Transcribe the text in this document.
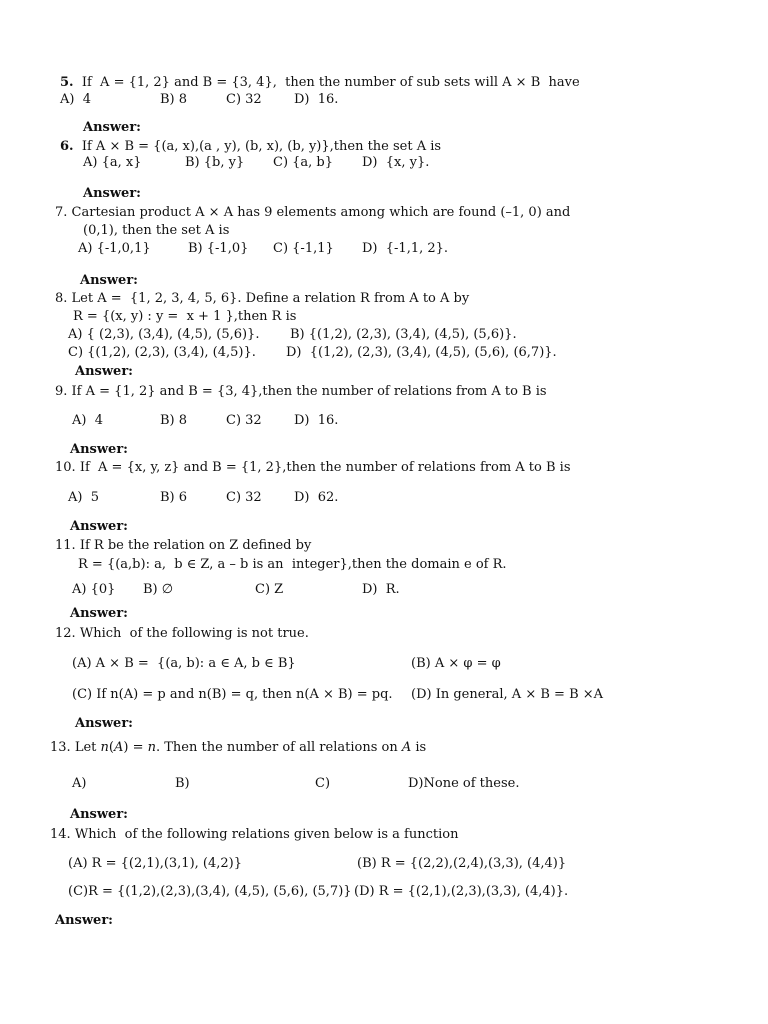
5. If  A = {1, 2} and B = {3, 4},  then the number of sub sets will A × B  have
A)  4	B) 8	C) 32 D)  16.
Answer:
6. If A × B = {(a, x),(a , y), (b, x), (b, y)},then the set A is
A) {a, x}	B) {b, y} C) {a, b} D)  {x, y}.
Answer:
7. Cartesian product A × A has 9 elements among which are found (–1, 0) and
(0,1), then the set A is
A) {-1,0,1}	B) {-1,0} C) {-1,1} D)  {-1,1, 2}.
Answer:
8. Let A =  {1, 2, 3, 4, 5, 6}. Define a relation R from A to A by
R = {(x, y) : y =  x + 1 },then R is
A) { (2,3), (3,4), (4,5), (5,6)}. B) {(1,2), (2,3), (3,4), (4,5), (5,6)}.
C) {(1,2), (2,3), (3,4), (4,5)}. D)  {(1,2), (2,3), (3,4), (4,5), (5,6), (6,7)}.
Answer:
9. If A = {1, 2} and B = {3, 4},then the number of relations from A to B is
A)  4	B) 8	C) 32 D)  16.
Answer:
10. If  A = {x, y, z} and B = {1, 2},then the number of relations from A to B is
A)  5	B) 6	C) 32 D)  62.
Answer:
11. If R be the relation on Z defined by
R = {(a,b): a,  b ∈ Z, a – b is an  integer},then the domain e of R.
A) {0} B) ∅	C) Z	D)  R.
Answer:
12. Which  of the following is not true.
(A) A × B =  {(a, b): a ∈ A, b ∈ B}	(B) A × φ = φ
(C) If n(A) = p and n(B) = q, then n(A × B) = pq. (D) In general, A × B = B ×A
Answer:
13. Let n(A) = n. Then the number of all relations on A is
A)	B)	C)	D)None of these.
Answer:
14. Which  of the following relations given below is a function
(A) R = {(2,1),(3,1), (4,2)}	(B) R = {(2,2),(2,4),(3,3), (4,4)}
(C)R = {(1,2),(2,3),(3,4), (4,5), (5,6), (5,7)} (D) R = {(2,1),(2,3),(3,3), (4,4)}.
Answer:
